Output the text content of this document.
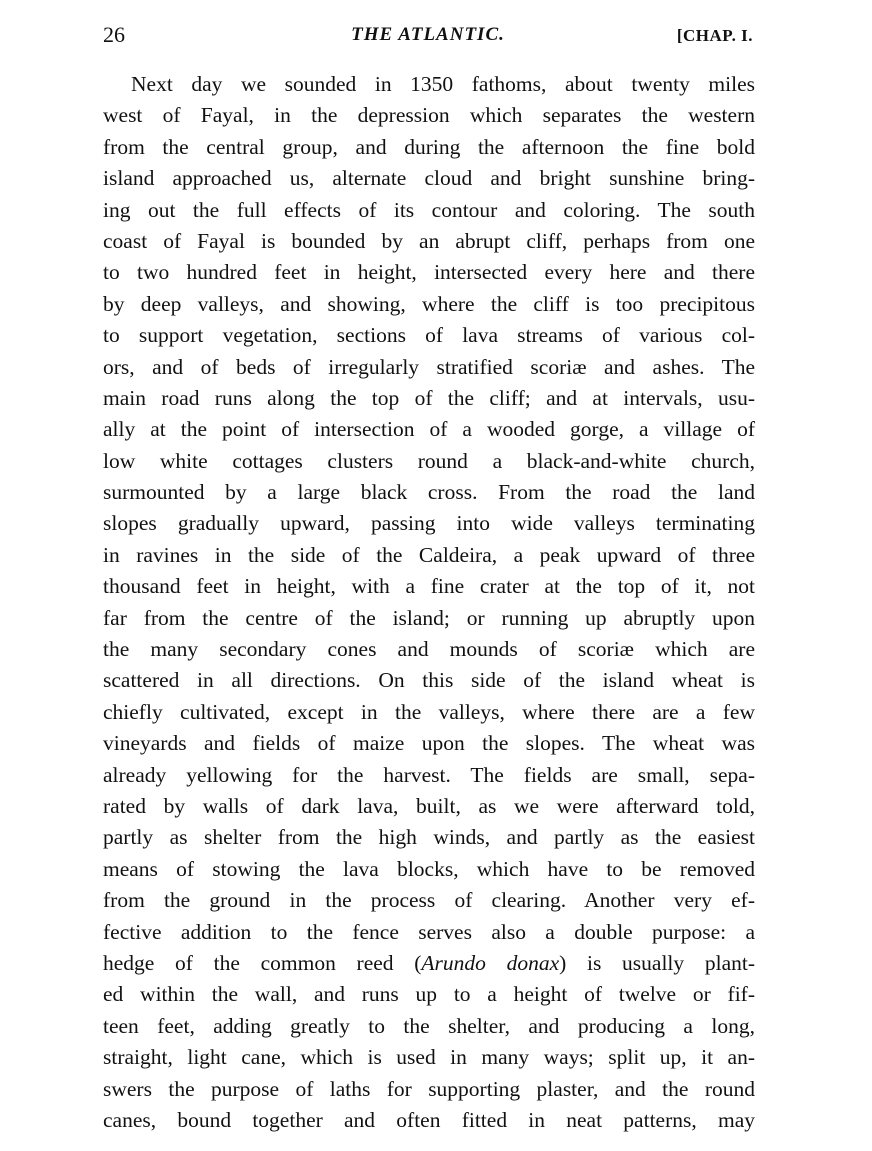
26	THE ATLANTIC.	[CHAP. I.
Next day we sounded in 1350 fathoms, about twenty miles
west of Fayal, in the depression which separates the western
from the central group, and during the afternoon the fine bold
island approached us, alternate cloud and bright sunshine bring-
ing out the full effects of its contour and coloring. The south
coast of Fayal is bounded by an abrupt cliff, perhaps from one
to two hundred feet in height, intersected every here and there
by deep valleys, and showing, where the cliff is too precipitous
to support vegetation, sections of lava streams of various col-
ors, and of beds of irregularly stratified scoriæ and ashes. The
main road runs along the top of the cliff; and at intervals, usu-
ally at the point of intersection of a wooded gorge, a village of
low white cottages clusters round a black-and-white church,
surmounted by a large black cross. From the road the land
slopes gradually upward, passing into wide valleys terminating
in ravines in the side of the Caldeira, a peak upward of three
thousand feet in height, with a fine crater at the top of it, not
far from the centre of the island; or running up abruptly upon
the many secondary cones and mounds of scoriæ which are
scattered in all directions. On this side of the island wheat is
chiefly cultivated, except in the valleys, where there are a few
vineyards and fields of maize upon the slopes. The wheat was
already yellowing for the harvest. The fields are small, sepa-
rated by walls of dark lava, built, as we were afterward told,
partly as shelter from the high winds, and partly as the easiest
means of stowing the lava blocks, which have to be removed
from the ground in the process of clearing. Another very ef-
fective addition to the fence serves also a double purpose: a
hedge of the common reed (Arundo donax) is usually plant-
ed within the wall, and runs up to a height of twelve or fif-
teen feet, adding greatly to the shelter, and producing a long,
straight, light cane, which is used in many ways; split up, it an-
swers the purpose of laths for supporting plaster, and the round
canes, bound together and often fitted in neat patterns, may
